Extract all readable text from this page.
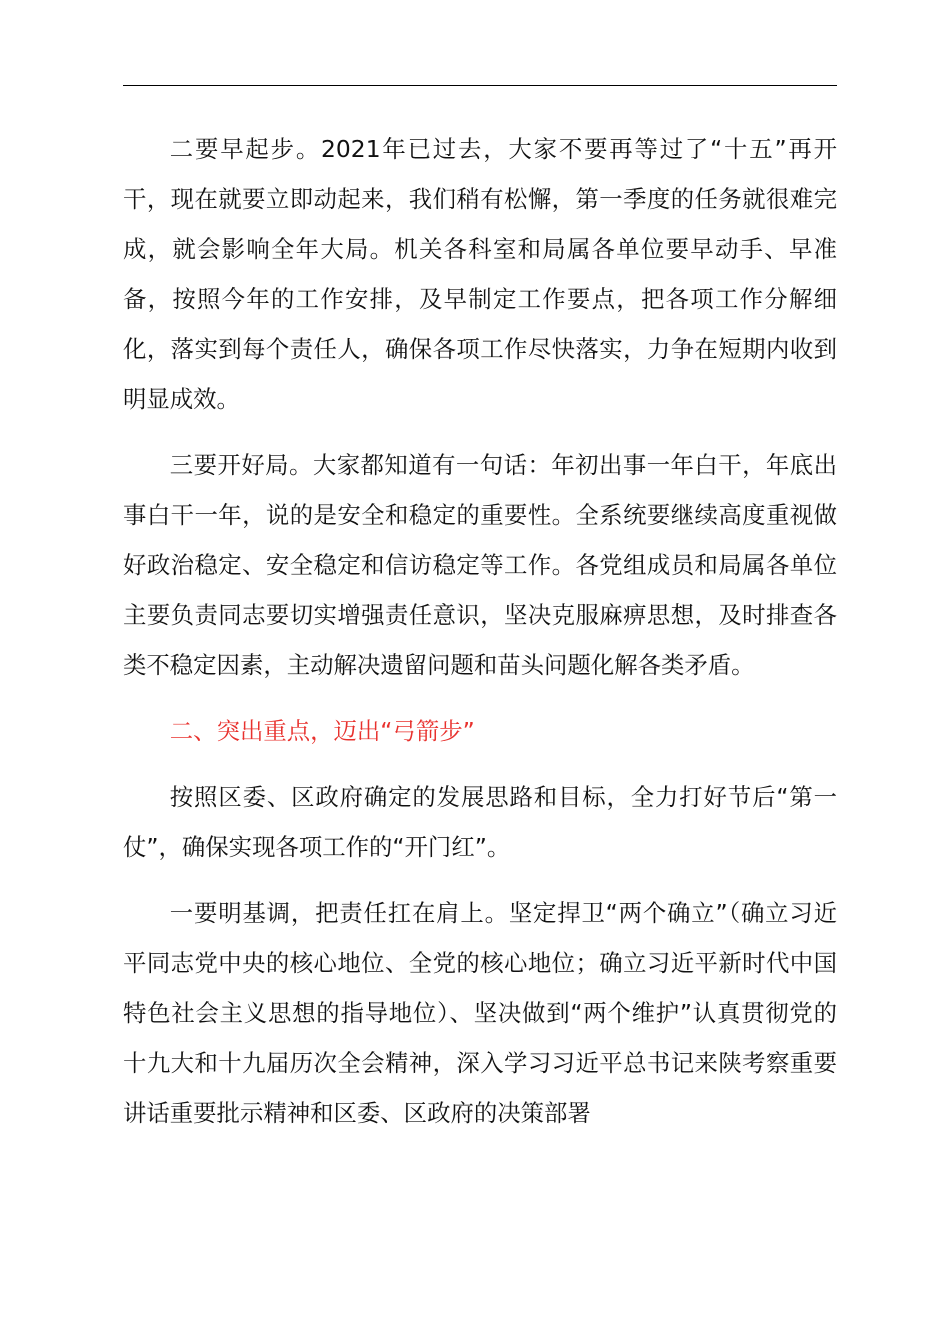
二要早起步。2021年已过去，大家不要再等过了“十五”再开干，现在就要立即动起来，我们稍有松懈，第一季度的任务就很难完成，就会影响全年大局。机关各科室和局属各单位要早动手、早准备，按照今年的工作安排，及早制定工作要点，把各项工作分解细化，落实到每个责任人，确保各项工作尽快落实，力争在短期内收到明显成效。

三要开好局。大家都知道有一句话：年初出事一年白干，年底出事白干一年，说的是安全和稳定的重要性。全系统要继续高度重视做好政治稳定、安全稳定和信访稳定等工作。各党组成员和局属各单位主要负责同志要切实增强责任意识，坚决克服麻痹思想，及时排查各类不稳定因素，主动解决遗留问题和苗头问题化解各类矛盾。

二、突出重点，迈出“弓箭步”

按照区委、区政府确定的发展思路和目标，全力打好节后“第一仗”，确保实现各项工作的“开门红”。

一要明基调，把责任扛在肩上。坚定捍卫“两个确立”（确立习近平同志党中央的核心地位、全党的核心地位；确立习近平新时代中国特色社会主义思想的指导地位）、坚决做到“两个维护”认真贯彻党的十九大和十九届历次全会精神，深入学习习近平总书记来陕考察重要讲话重要批示精神和区委、区政府的决策部署
